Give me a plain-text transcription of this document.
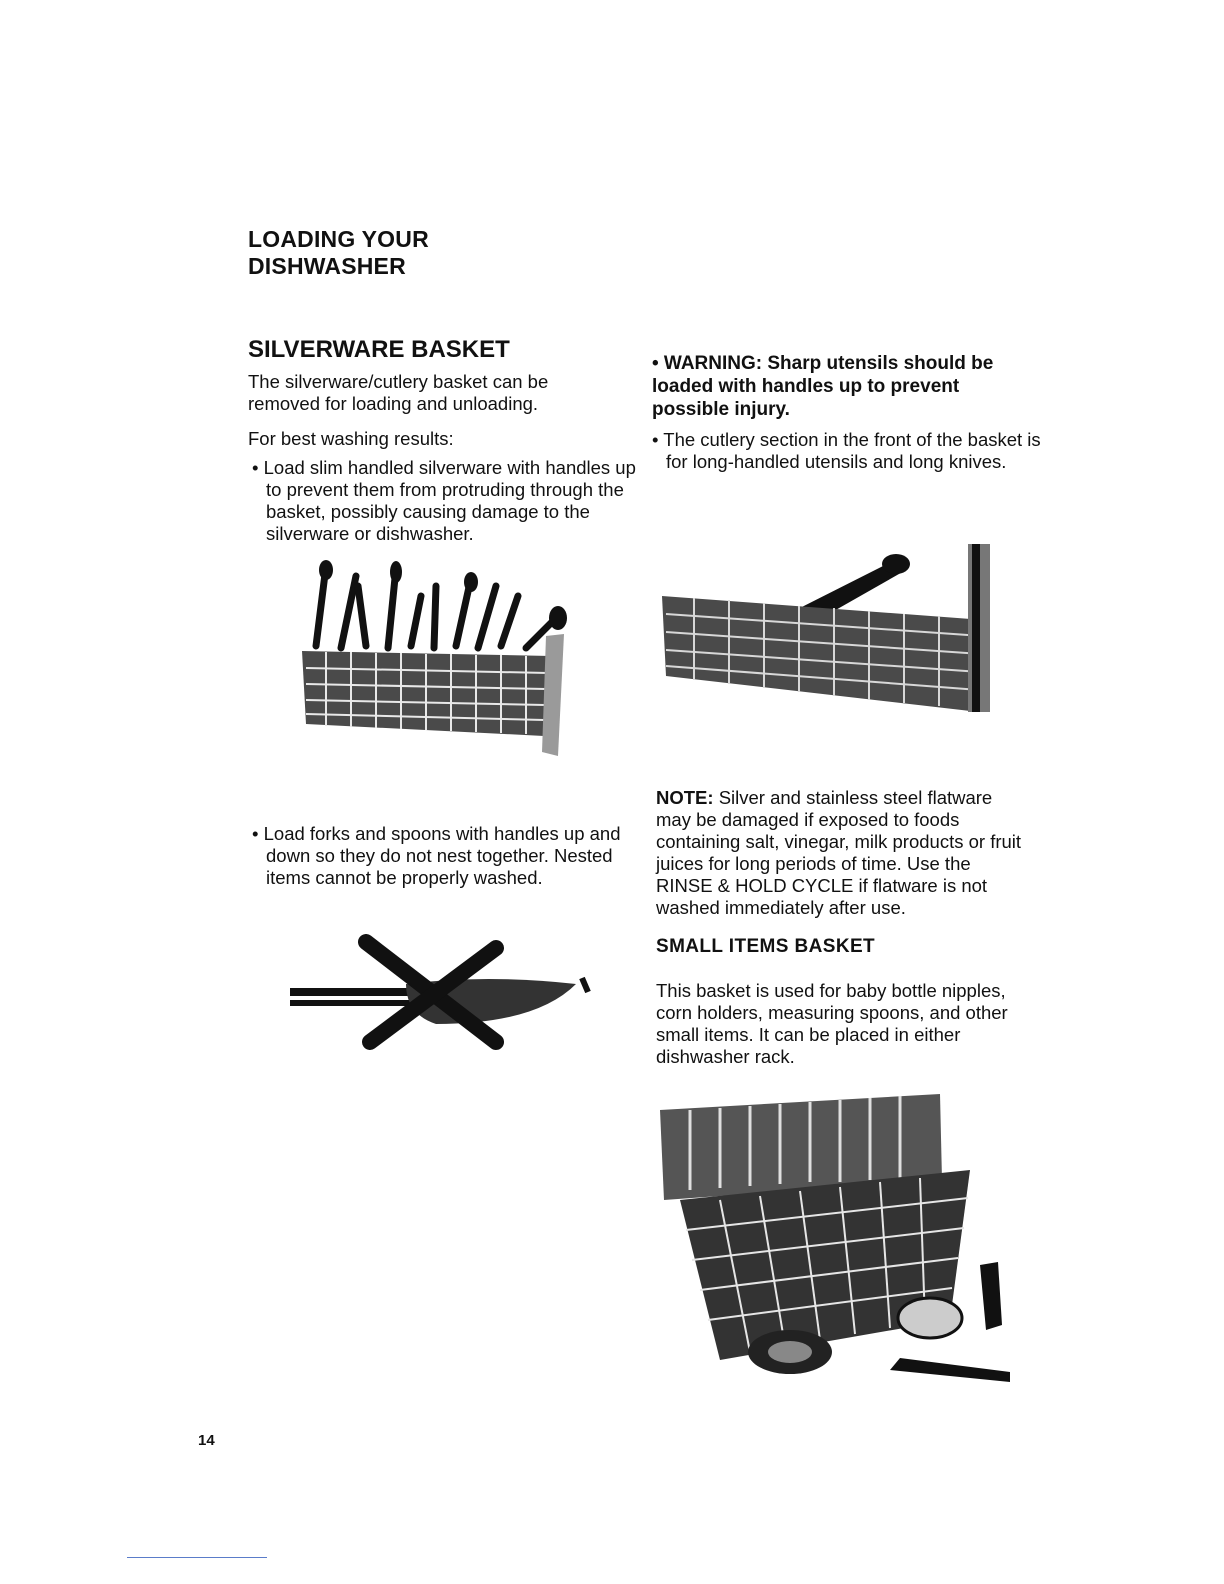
LOADING YOUR
DISHWASHER
SILVERWARE BASKET
The silverware/cutlery basket can be removed for loading and unloading.
For best washing results:
• Load slim handled silverware with handles up to prevent them from protruding through the basket, possibly causing damage to the silverware or dishwasher.
• Load forks and spoons with handles up and down so they do not nest together. Nested items cannot be properly washed.
• WARNING: Sharp utensils should be loaded with handles up to prevent possible injury.
• The cutlery section in the front of the basket is for long-handled utensils and long knives.
NOTE: Silver and stainless steel flatware may be damaged if exposed to foods containing salt, vinegar, milk products or fruit juices for long periods of time. Use the RINSE & HOLD CYCLE if flatware is not washed immediately after use.
SMALL ITEMS BASKET
This basket is used for baby bottle nipples, corn holders, measuring spoons, and other small items. It can be placed in either dishwasher rack.
14
